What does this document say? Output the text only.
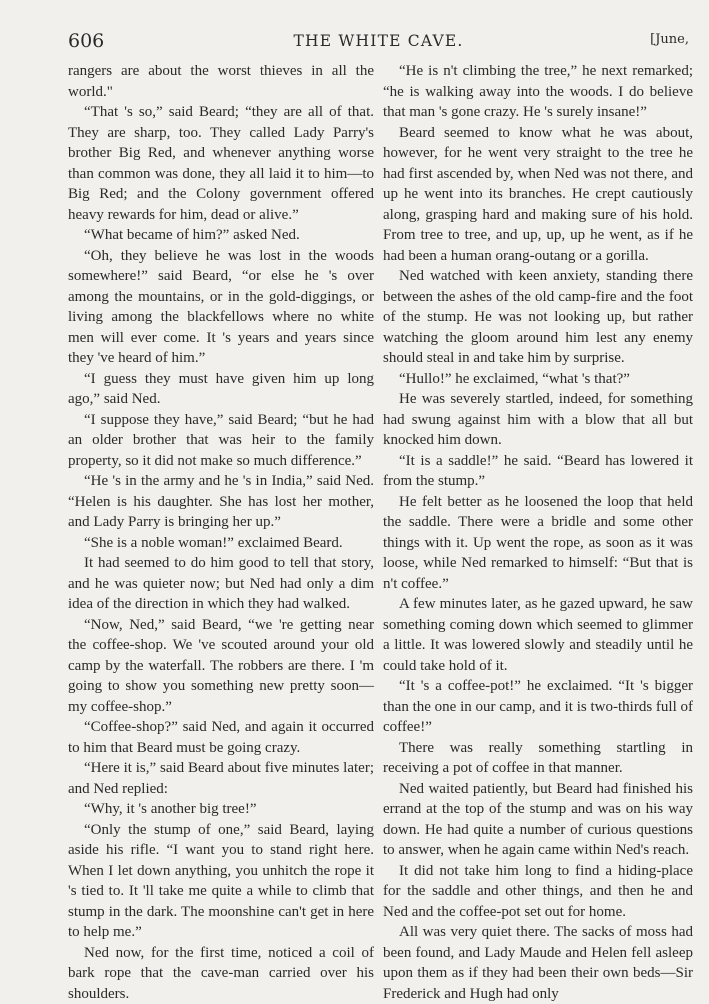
606	THE WHITE CAVE.	[June,

rangers are about the worst thieves in all the world."

“That 's so,” said Beard; “they are all of that. They are sharp, too. They called Lady Parry's brother Big Red, and whenever anything worse than common was done, they all laid it to him—to Big Red; and the Colony government offered heavy rewards for him, dead or alive.”

“What became of him?” asked Ned.

“Oh, they believe he was lost in the woods somewhere!” said Beard, “or else he 's over among the mountains, or in the gold-diggings, or living among the blackfellows where no white men will ever come. It 's years and years since they 've heard of him.”

“I guess they must have given him up long ago,” said Ned.

“I suppose they have,” said Beard; “but he had an older brother that was heir to the family property, so it did not make so much difference.”

“He 's in the army and he 's in India,” said Ned. “Helen is his daughter. She has lost her mother, and Lady Parry is bringing her up.”

“She is a noble woman!” exclaimed Beard.

It had seemed to do him good to tell that story, and he was quieter now; but Ned had only a dim idea of the direction in which they had walked.

“Now, Ned,” said Beard, “we 're getting near the coffee-shop. We 've scouted around your old camp by the waterfall. The robbers are there. I 'm going to show you something new pretty soon—my coffee-shop.”

“Coffee-shop?” said Ned, and again it occurred to him that Beard must be going crazy.

“Here it is,” said Beard about five minutes later; and Ned replied:

“Why, it 's another big tree!”

“Only the stump of one,” said Beard, laying aside his rifle. “I want you to stand right here. When I let down anything, you unhitch the rope it 's tied to. It 'll take me quite a while to climb that stump in the dark. The moonshine can't get in here to help me.”

Ned now, for the first time, noticed a coil of bark rope that the cave-man carried over his shoulders.

“He is n't climbing the tree,” he next remarked; “he is walking away into the woods. I do believe that man 's gone crazy. He 's surely insane!”

Beard seemed to know what he was about, however, for he went very straight to the tree he had first ascended by, when Ned was not there, and up he went into its branches. He crept cautiously along, grasping hard and making sure of his hold. From tree to tree, and up, up, up he went, as if he had been a human orang-outang or a gorilla.

Ned watched with keen anxiety, standing there between the ashes of the old camp-fire and the foot of the stump. He was not looking up, but rather watching the gloom around him lest any enemy should steal in and take him by surprise.

“Hullo!” he exclaimed, “what 's that?”

He was severely startled, indeed, for something had swung against him with a blow that all but knocked him down.

“It is a saddle!” he said. “Beard has lowered it from the stump.”

He felt better as he loosened the loop that held the saddle. There were a bridle and some other things with it. Up went the rope, as soon as it was loose, while Ned remarked to himself: “But that is n't coffee.”

A few minutes later, as he gazed upward, he saw something coming down which seemed to glimmer a little. It was lowered slowly and steadily until he could take hold of it.

“It 's a coffee-pot!” he exclaimed. “It 's bigger than the one in our camp, and it is two-thirds full of coffee!”

There was really something startling in receiving a pot of coffee in that manner.

Ned waited patiently, but Beard had finished his errand at the top of the stump and was on his way down. He had quite a number of curious questions to answer, when he again came within Ned's reach.

It did not take him long to find a hiding-place for the saddle and other things, and then he and Ned and the coffee-pot set out for home.

All was very quiet there. The sacks of moss had been found, and Lady Maude and Helen fell asleep upon them as if they had been their own beds—Sir Frederick and Hugh had only
